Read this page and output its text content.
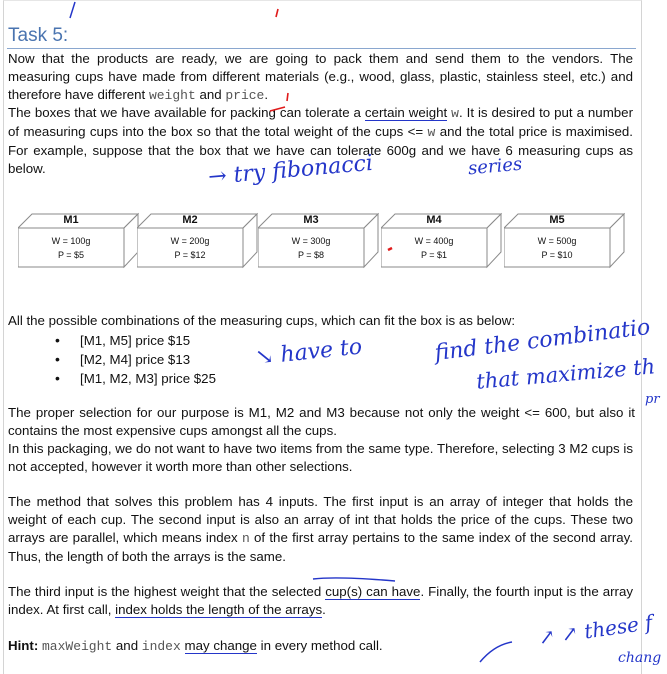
Task 5:
Now that the products are ready, we are going to pack them and send them to the vendors. The measuring cups have made from different materials (e.g., wood, glass, plastic, stainless steel, etc.) and therefore have different weight and price.
The boxes that we have available for packing can tolerate a certain weight w. It is desired to put a number of measuring cups into the box so that the total weight of the cups <= w and the total price is maximised. For example, suppose that the box that we have can tolerate 600g and we have 6 measuring cups as below.
M1
W = 100g
P = $5
M2
W = 200g
P = $12
M3
W = 300g
P = $8
M4
W = 400g
P = $1
M5
W = 500g
P = $10
All the possible combinations of the measuring cups, which can fit the box is as below:
• [M1, M5] price $15
• [M2, M4] price $13
• [M1, M2, M3] price $25
The proper selection for our purpose is M1, M2 and M3 because not only the weight <= 600, but also it contains the most expensive cups amongst all the cups.
In this packaging, we do not want to have two items from the same type. Therefore, selecting 3 M2 cups is not accepted, however it worth more than other selections.
The method that solves this problem has 4 inputs. The first input is an array of integer that holds the weight of each cup. The second input is also an array of int that holds the price of the cups. These two arrays are parallel, which means index n of the first array pertains to the same index of the second array. Thus, the length of both the arrays is the same.
The third input is the highest weight that the selected cup(s) can have. Finally, the fourth input is the array index. At first call, index holds the length of the arrays.
Hint: maxWeight and index may change in every method call.
→ try fibonacci	series
↘ have to	find the combinatio
that maximize th
pr
↗ ↗ these f
chang
